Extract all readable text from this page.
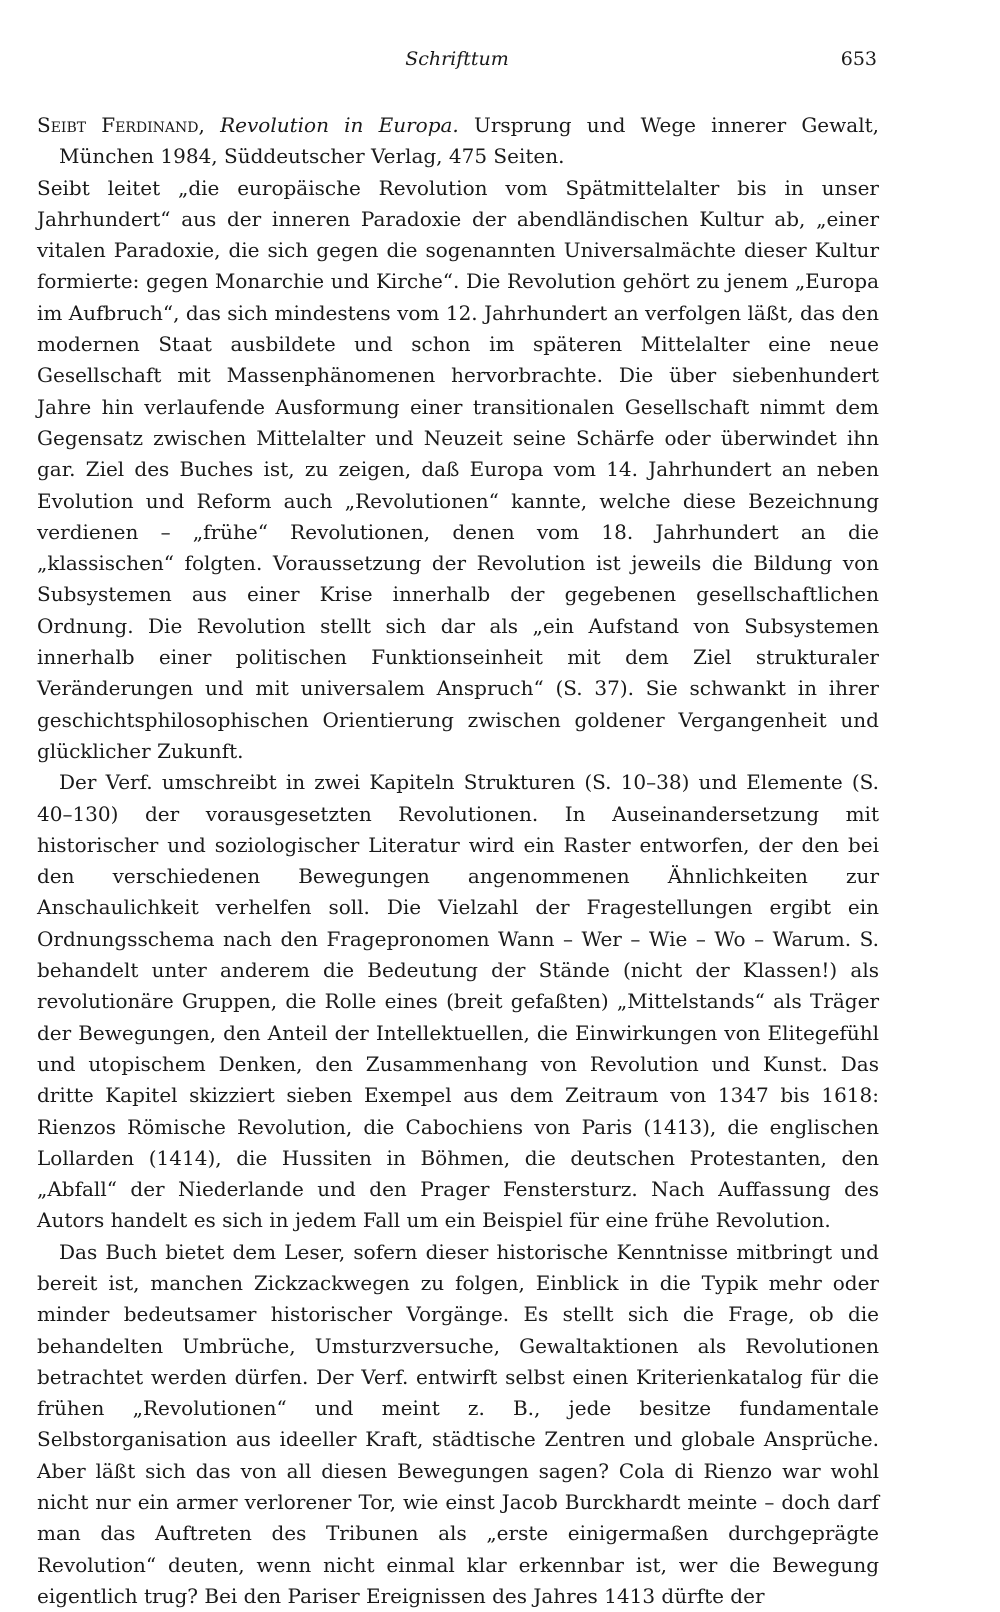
Schrifttum	653

Seibt Ferdinand, Revolution in Europa. Ursprung und Wege innerer Gewalt, München 1984, Süddeutscher Verlag, 475 Seiten.

Seibt leitet „die europäische Revolution vom Spätmittelalter bis in unser Jahrhundert“ aus der inneren Paradoxie der abendländischen Kultur ab, „einer vitalen Paradoxie, die sich gegen die sogenannten Universalmächte dieser Kultur formierte: gegen Monarchie und Kirche“. Die Revolution gehört zu jenem „Europa im Aufbruch“, das sich mindestens vom 12. Jahrhundert an verfolgen läßt, das den modernen Staat ausbildete und schon im späteren Mittelalter eine neue Gesellschaft mit Massenphänomenen hervorbrachte. Die über siebenhundert Jahre hin verlaufende Ausformung einer transitionalen Gesellschaft nimmt dem Gegensatz zwischen Mittelalter und Neuzeit seine Schärfe oder überwindet ihn gar. Ziel des Buches ist, zu zeigen, daß Europa vom 14. Jahrhundert an neben Evolution und Reform auch „Revolutionen“ kannte, welche diese Bezeichnung verdienen – „frühe“ Revolutionen, denen vom 18. Jahrhundert an die „klassischen“ folgten. Voraussetzung der Revolution ist jeweils die Bildung von Subsystemen aus einer Krise innerhalb der gegebenen gesellschaftlichen Ordnung. Die Revolution stellt sich dar als „ein Aufstand von Subsystemen innerhalb einer politischen Funktionseinheit mit dem Ziel strukturaler Veränderungen und mit universalem Anspruch“ (S. 37). Sie schwankt in ihrer geschichtsphilosophischen Orientierung zwischen goldener Vergangenheit und glücklicher Zukunft.

Der Verf. umschreibt in zwei Kapiteln Strukturen (S. 10–38) und Elemente (S. 40–130) der vorausgesetzten Revolutionen. In Auseinandersetzung mit historischer und soziologischer Literatur wird ein Raster entworfen, der den bei den verschiedenen Bewegungen angenommenen Ähnlichkeiten zur Anschaulichkeit verhelfen soll. Die Vielzahl der Fragestellungen ergibt ein Ordnungsschema nach den Fragepronomen Wann – Wer – Wie – Wo – Warum. S. behandelt unter anderem die Bedeutung der Stände (nicht der Klassen!) als revolutionäre Gruppen, die Rolle eines (breit gefaßten) „Mittelstands“ als Träger der Bewegungen, den Anteil der Intellektuellen, die Einwirkungen von Elitegefühl und utopischem Denken, den Zusammenhang von Revolution und Kunst. Das dritte Kapitel skizziert sieben Exempel aus dem Zeitraum von 1347 bis 1618: Rienzos Römische Revolution, die Cabochiens von Paris (1413), die englischen Lollarden (1414), die Hussiten in Böhmen, die deutschen Protestanten, den „Abfall“ der Niederlande und den Prager Fenstersturz. Nach Auffassung des Autors handelt es sich in jedem Fall um ein Beispiel für eine frühe Revolution.

Das Buch bietet dem Leser, sofern dieser historische Kenntnisse mitbringt und bereit ist, manchen Zickzackwegen zu folgen, Einblick in die Typik mehr oder minder bedeutsamer historischer Vorgänge. Es stellt sich die Frage, ob die behandelten Umbrüche, Umsturzversuche, Gewaltaktionen als Revolutionen betrachtet werden dürfen. Der Verf. entwirft selbst einen Kriterienkatalog für die frühen „Revolutionen“ und meint z. B., jede besitze fundamentale Selbstorganisation aus ideeller Kraft, städtische Zentren und globale Ansprüche. Aber läßt sich das von all diesen Bewegungen sagen? Cola di Rienzo war wohl nicht nur ein armer verlorener Tor, wie einst Jacob Burckhardt meinte – doch darf man das Auftreten des Tribunen als „erste einigermaßen durchgeprägte Revolution“ deuten, wenn nicht einmal klar erkennbar ist, wer die Bewegung eigentlich trug? Bei den Pariser Ereignissen des Jahres 1413 dürfte der
